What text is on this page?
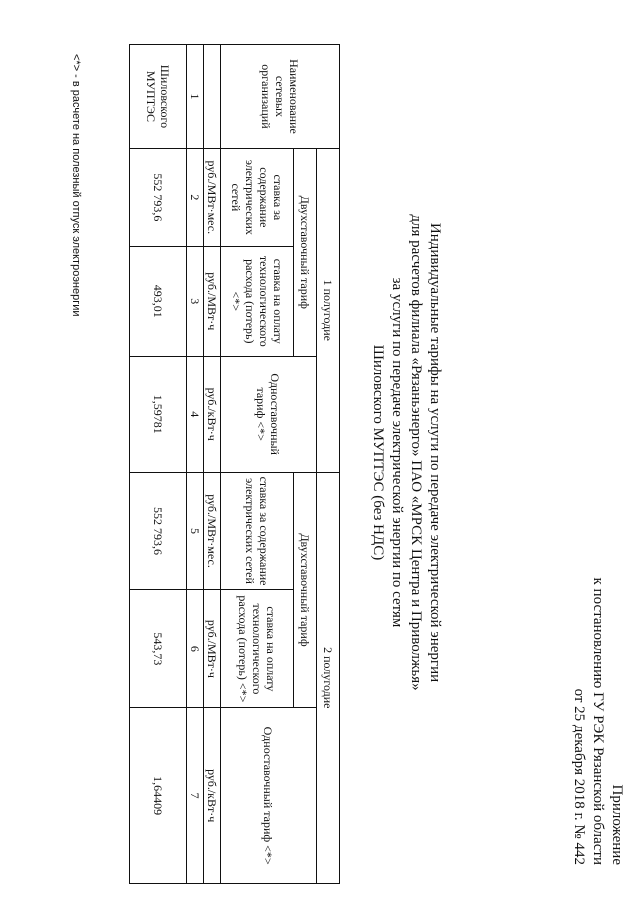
Приложение
к постановлению ГУ РЭК Рязанской области
от 25 декабря 2018 г. № 442
Индивидуальные тарифы на услуги по передаче электрической энергии
для расчетов филиала «Рязаньэнерго» ПАО «МРСК Центра и Приволжья»
за услуги по передаче электрической энергии по сетям
Шиловского МУПТЭС (без НДС)
Наименование сетевых организаций	1 полугодие			2 полугодие		
	Двухставочный тариф		Одноставочный тариф <*>	Двухставочный тариф		Одноставочный тариф <*>
	ставка за содержание электрических сетей	ставка на оплату технологического расхода (потерь) <*>		ставка за содержание электрических сетей	ставка на оплату технологического расхода (потерь) <*>	
	руб./МВт·мес.	руб./МВт·ч	руб./кВт·ч	руб./МВт·мес.	руб./МВт·ч	руб./кВт·ч
1	2	3	4	5	6	7
Шиловского МУПТЭС	552 793,6	493,01	1,59781	552 793,6	543,73	1,64409
<*> - в расчете на полезный отпуск электроэнергии
